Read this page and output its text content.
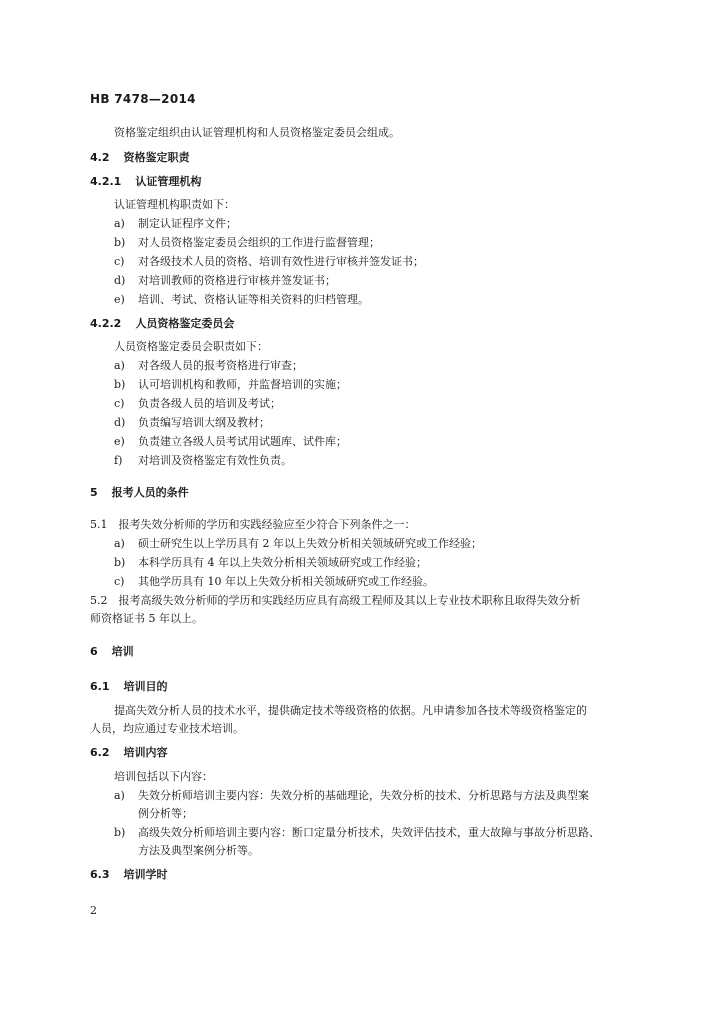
HB 7478—2014
资格鉴定组织由认证管理机构和人员资格鉴定委员会组成。
4.2 资格鉴定职责
4.2.1 认证管理机构
认证管理机构职责如下：
a) 制定认证程序文件；
b) 对人员资格鉴定委员会组织的工作进行监督管理；
c) 对各级技术人员的资格、培训有效性进行审核并签发证书；
d) 对培训教师的资格进行审核并签发证书；
e) 培训、考试、资格认证等相关资料的归档管理。
4.2.2 人员资格鉴定委员会
人员资格鉴定委员会职责如下：
a) 对各级人员的报考资格进行审查；
b) 认可培训机构和教师，并监督培训的实施；
c) 负责各级人员的培训及考试；
d) 负责编写培训大纲及教材；
e) 负责建立各级人员考试用试题库、试件库；
f) 对培训及资格鉴定有效性负责。
5 报考人员的条件
5.1　报考失效分析师的学历和实践经验应至少符合下列条件之一：
a) 硕士研究生以上学历具有 2 年以上失效分析相关领域研究或工作经验；
b) 本科学历具有 4 年以上失效分析相关领域研究或工作经验；
c) 其他学历具有 10 年以上失效分析相关领域研究或工作经验。
5.2　报考高级失效分析师的学历和实践经历应具有高级工程师及其以上专业技术职称且取得失效分析
师资格证书 5 年以上。
6 培训
6.1 培训目的
提高失效分析人员的技术水平，提供确定技术等级资格的依据。凡申请参加各技术等级资格鉴定的
人员，均应通过专业技术培训。
6.2 培训内容
培训包括以下内容：
a) 失效分析师培训主要内容：失效分析的基础理论，失效分析的技术、分析思路与方法及典型案
例分析等；
b) 高级失效分析师培训主要内容：断口定量分析技术，失效评估技术，重大故障与事故分析思路、
方法及典型案例分析等。
6.3 培训学时
2
